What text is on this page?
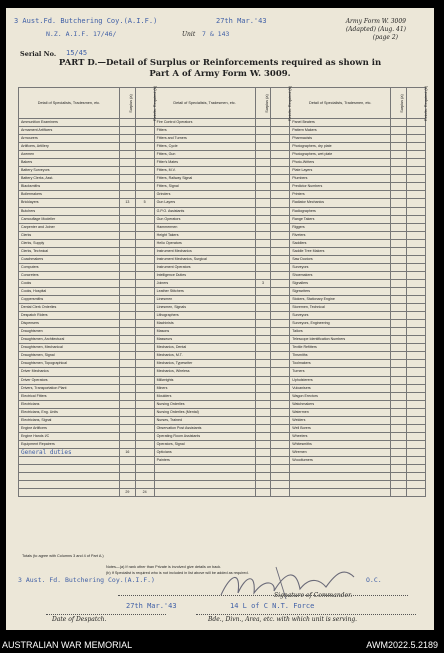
3 Aust.Fd. Butchering Coy.(A.I.F.)	27th Mar.'43
N.Z. A.I.F. 17/46/	Unit 7 & 143
Army Form W. 3009
(Adapted) (Aug. 41)
(page 2)
Serial No. 15/45
PART D.—Detail of Surplus or Reinforcements required as shown in
Part A of Army Form W. 3009.
Detail of Specialists, Tradesmen, etc.	Surplus (a)	Reinfts. Required (b)	Detail of Specialists, Tradesmen, etc.	Surplus (a)	Reinfts. Required (b)	Detail of Specialists, Tradesmen, etc.	Surplus (a)	Reinfts. Required (b)
Ammunition Examiners			Fire Control Operators			Panel Beaters		
Armament Artificers			Fitters			Pattern Makers		
Armourers			Fitters and Turners			Pharmacists		
Artificers, Artillery			Fitters, Cycle			Photographers, dry plate		
Axemen			Fitters, Gun			Photographers, wet plate		
Bakers			Fitter's Mates			Photo-Writers		
Battery Surveyors			Fitters, M.V.			Plate Layers		
Battery Clerks, Asst.			Fitters, Railway Signal			Plumbers		
Blacksmiths			Fitters, Signal			Predictor Numbers		
Boilermakers			Grinders			Printers		
Bricklayers	13	5	Gun Layers			Radiator Mechanics		
Butchers			G.P.O. Assistants			Radiographers		
Camouflage Modeller			Gun Operators			Range Takers		
Carpenter and Joiner			Hammermen			Riggers		
Clerks			Height Takers			Riveters		
Clerks, Supply			Helio Operators			Saddlers		
Clerks, Technical			Instrument Mechanics			Saddle Tree Makers		
Coachmakers			Instrument Mechanics, Surgical			Saw Doctors		
Computers			Instrument Operators			Surveyors		
Concreters			Intelligence Duties			Shoemakers		
Cooks			Joiners	3		Signallers		
Cooks, Hospital			Leather Stitchers			Signwriters		
Coppersmiths			Linesmen			Stokers, Stationary Engine		
Dental Clerk Orderlies			Linesmen, Signals			Storemen, Technical		
Despatch Riders			Lithographers			Surveyors		
Dispensers			Machinists			Surveyors, Engineering		
Draughtsmen			Masons			Tailors		
Draughtsmen, Architectural			Masseurs			Telescope Identification Numbers		
Draughtsmen, Mechanical			Mechanics, Dental			Textile Refitters		
Draughtsmen, Signal			Mechanics, M.T.			Tinsmiths		
Draughtsmen, Topographical			Mechanics, Typewriter			Toolmakers		
Driver Mechanics			Mechanics, Wireless			Turners		
Driver Operators			Millwrights			Upholsterers		
Drivers, Transportation Plant			Miners			Vulcanisers		
Electrical Fitters			Moulders			Wagon Erectors		
Electricians			Nursing Orderlies			Watchmakers		
Electricians, Eng. Units			Nursing Orderlies (Mental)			Watermen		
Electricians, Signal			Nurses, Trained			Welders		
Engine Artificers			Observation Post Assistants			Well Borers		
Engine Hands I/C			Operating Room Assistants			Wheelers		
Equipment Repairers			Operators, Signal			Whitesmiths		
General duties	16		Opticians			Wiremen		
			Painters			Woodturners		

	29	24						
Totals (to agree with Columns 3 and 4 of Part A.)
Notes—(a) If rank other than Private is involved give details on back.
(b) If Specialist is required who is not included in list above will be added as required.
3 Aust. Fd. Butchering Coy.(A.I.F.)	O.C.
Signature of Commander.
27th Mar.'43	14 L of C N.T. Force
Date of Despatch.	Bde., Divn., Area, etc. with which unit is serving.
AUSTRALIAN WAR MEMORIAL	AWM2022.5.2189
